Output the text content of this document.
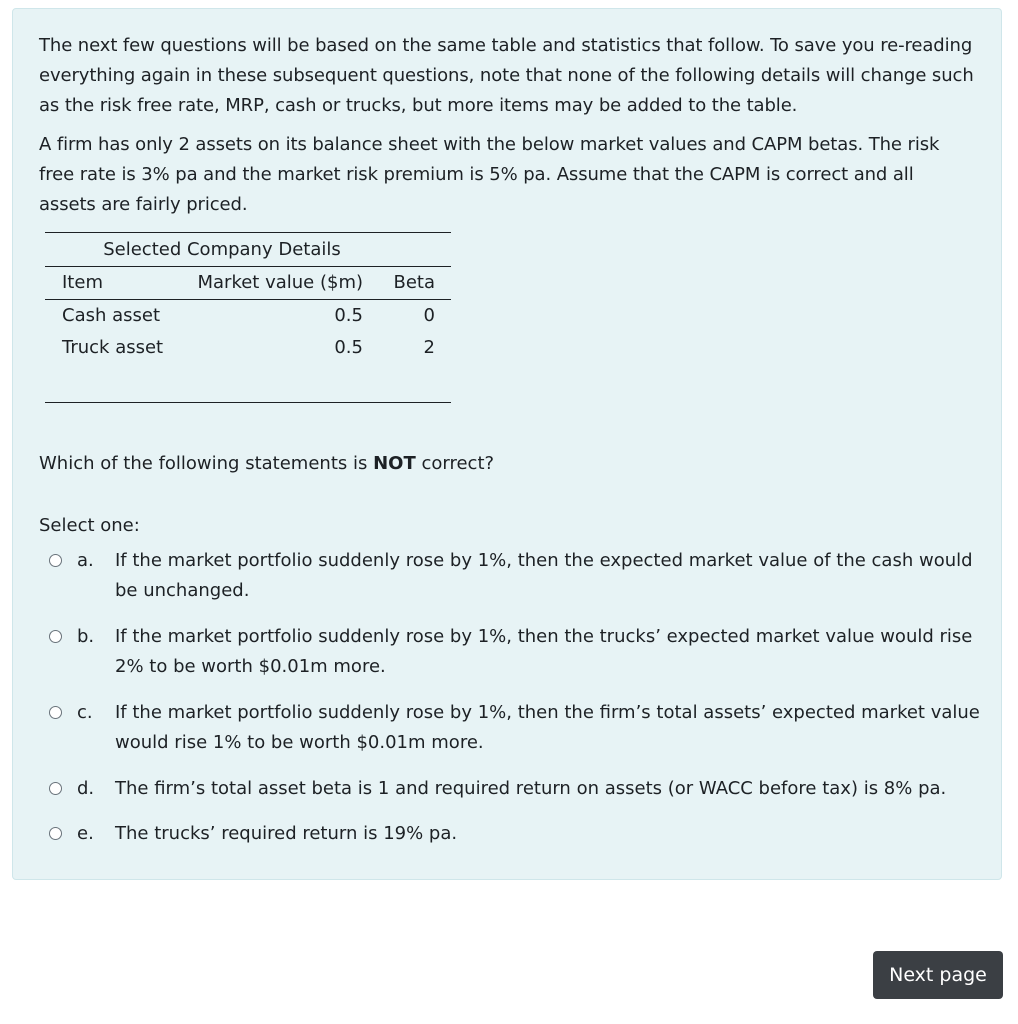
The next few questions will be based on the same table and statistics that follow. To save you re-reading everything again in these subsequent questions, note that none of the following details will change such as the risk free rate, MRP, cash or trucks, but more items may be added to the table.

A firm has only 2 assets on its balance sheet with the below market values and CAPM betas. The risk free rate is 3% pa and the market risk premium is 5% pa. Assume that the CAPM is correct and all assets are fairly priced.

Selected Company Details
Item	Market value ($m) Beta
Cash asset	0.5	0
Truck asset	0.5	2
Which of the following statements is NOT correct?
Select one:
a. If the market portfolio suddenly rose by 1%, then the expected market value of the cash would be unchanged.
b. If the market portfolio suddenly rose by 1%, then the trucks’ expected market value would rise 2% to be worth $0.01m more.
c. If the market portfolio suddenly rose by 1%, then the firm’s total assets’ expected market value would rise 1% to be worth $0.01m more.
d. The firm’s total asset beta is 1 and required return on assets (or WACC before tax) is 8% pa.
e. The trucks’ required return is 19% pa.
Next page
